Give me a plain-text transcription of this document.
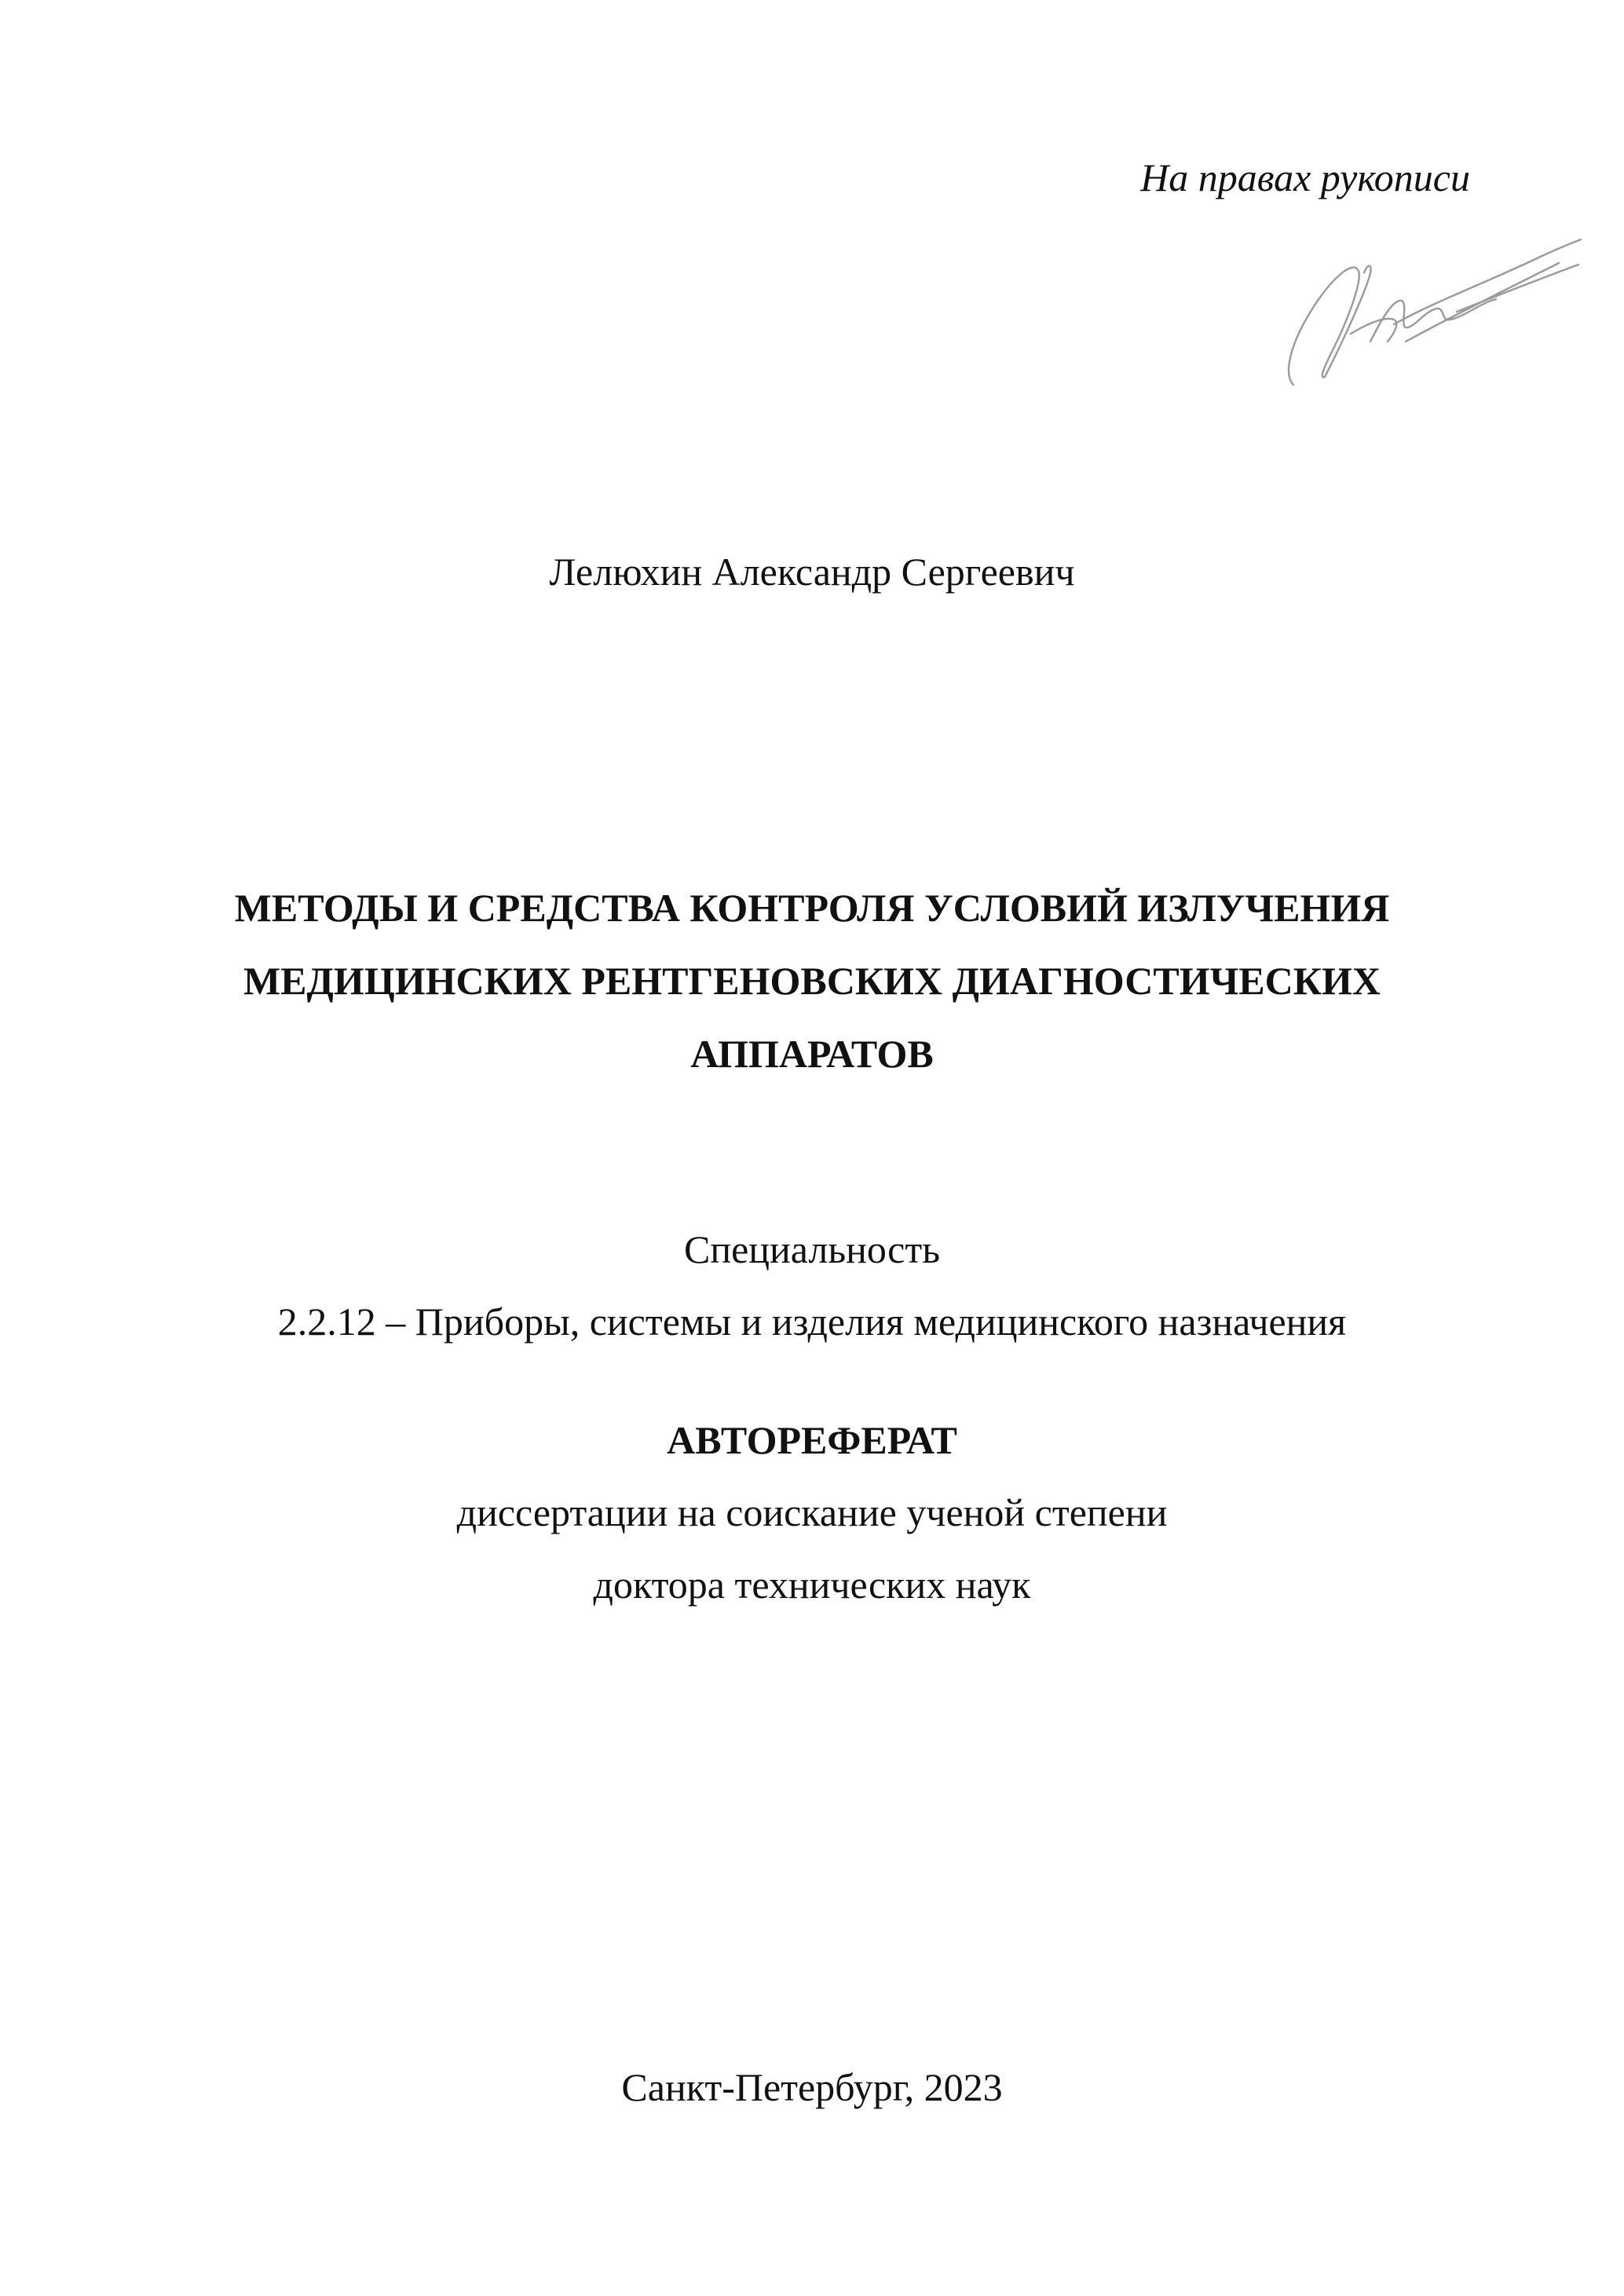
На правах рукописи
Лелюхин Александр Сергеевич
МЕТОДЫ И СРЕДСТВА КОНТРОЛЯ УСЛОВИЙ ИЗЛУЧЕНИЯ
МЕДИЦИНСКИХ РЕНТГЕНОВСКИХ ДИАГНОСТИЧЕСКИХ
АППАРАТОВ
Специальность
2.2.12 – Приборы, системы и изделия медицинского назначения
АВТОРЕФЕРАТ
диссертации на соискание ученой степени
доктора технических наук
Санкт-Петербург, 2023
